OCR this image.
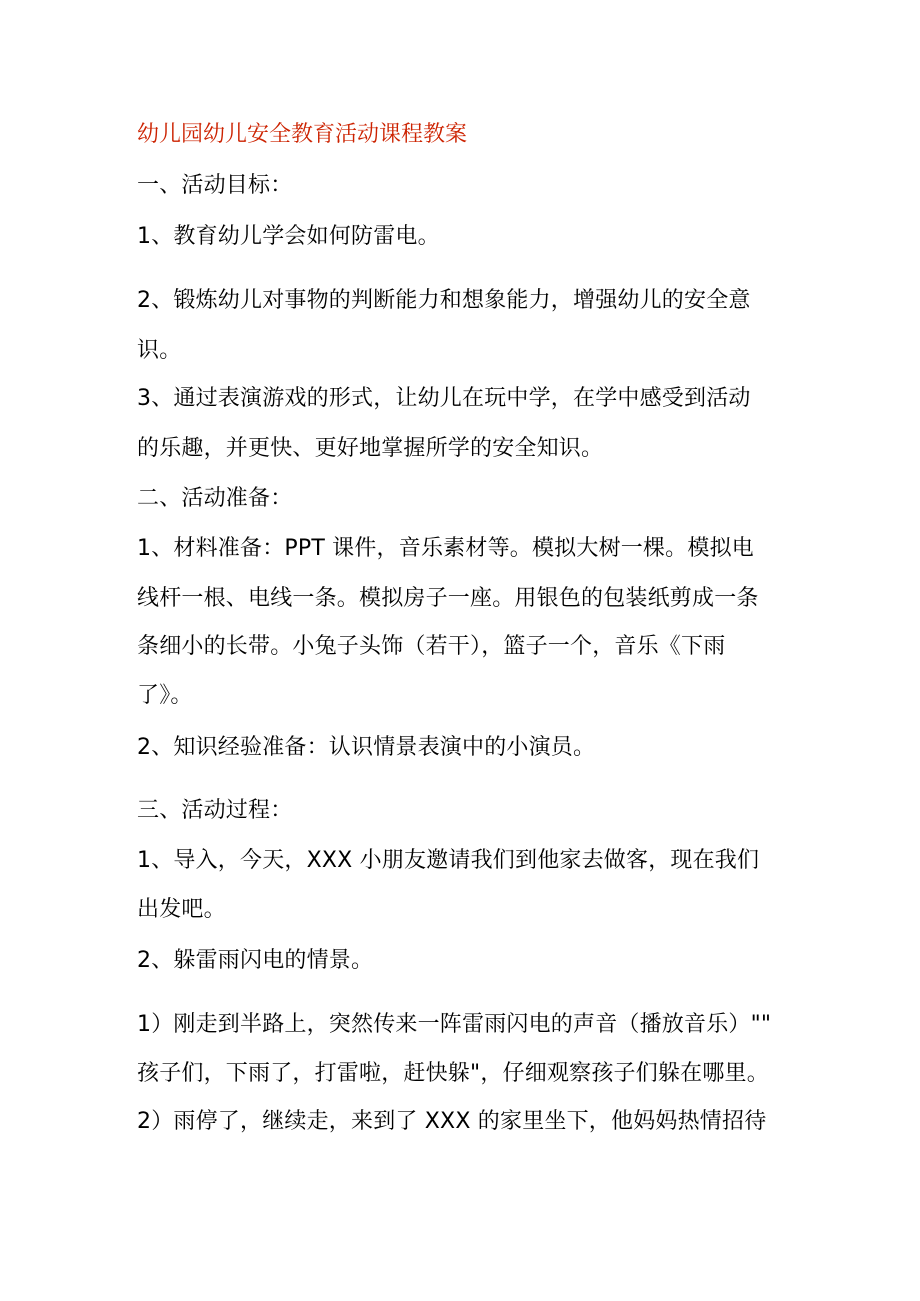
幼儿园幼儿安全教育活动课程教案
一、活动目标：
1、教育幼儿学会如何防雷电。
2、锻炼幼儿对事物的判断能力和想象能力，增强幼儿的安全意
识。
3、通过表演游戏的形式，让幼儿在玩中学，在学中感受到活动
的乐趣，并更快、更好地掌握所学的安全知识。
二、活动准备：
1、材料准备：PPT 课件，音乐素材等。模拟大树一棵。模拟电
线杆一根、电线一条。模拟房子一座。用银色的包装纸剪成一条
条细小的长带。小兔子头饰（若干），篮子一个，音乐《下雨
了》。
2、知识经验准备：认识情景表演中的小演员。
三、活动过程：
1、导入，今天，XXX 小朋友邀请我们到他家去做客，现在我们
出发吧。
2、躲雷雨闪电的情景。
1）刚走到半路上，突然传来一阵雷雨闪电的声音（播放音乐）""
孩子们，下雨了，打雷啦，赶快躲"，仔细观察孩子们躲在哪里。
2）雨停了，继续走，来到了 XXX 的家里坐下，他妈妈热情招待
